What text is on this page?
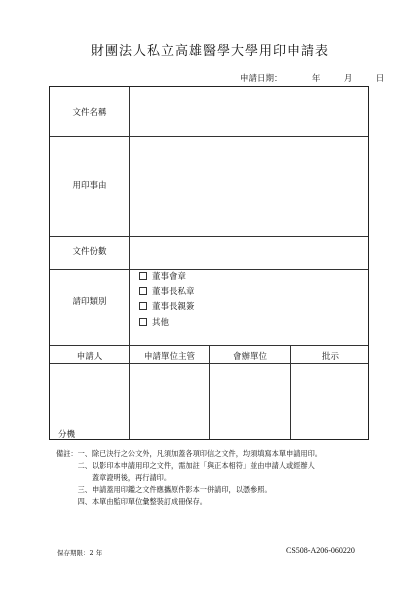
財團法人私立高雄醫學大學用印申請表
申請日期：	年	月	日
文件名稱
用印事由
文件份數
請印類別
董事會章
董事長私章
董事長親簽
其他
申請人	申請單位主管	會辦單位	批示
分機
備註：一、除已決行之公文外，凡須加蓋各項印信之文件，均須填寫本單申請用印。
　　　二、以影印本申請用印之文件，需加註「與正本相符」並由申請人或經辦人
　　　　　蓋章證明後，再行請印。
　　　三、申請蓋用印鑑之文件應攜原件影本一併請印，以憑參照。
　　　四、本單由監印單位彙整裝訂成冊保存。
保存期限：2 年	CS508-A206-060220
